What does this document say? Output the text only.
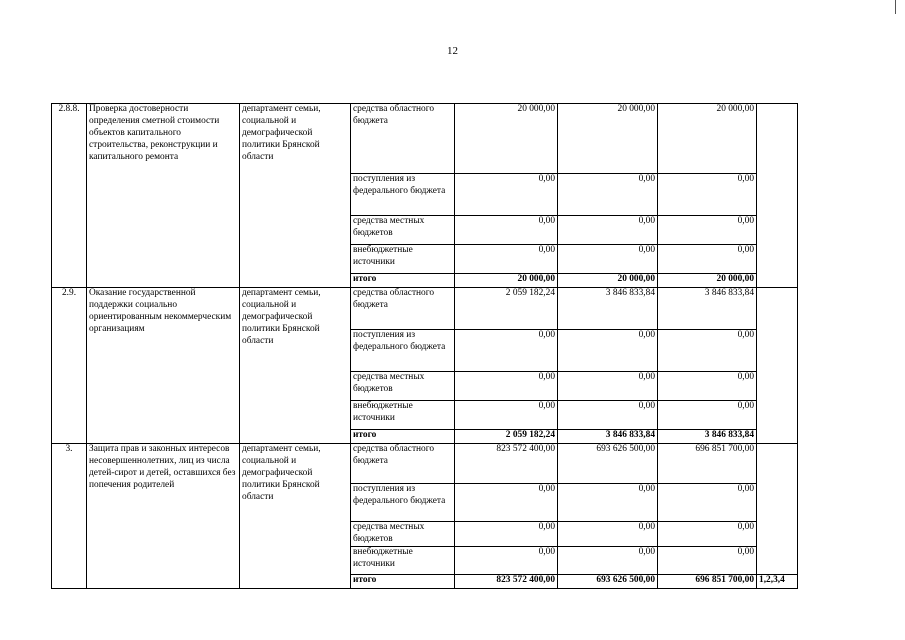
12
2.8.8.	Проверка достоверности определения сметной стоимости объектов капитального строительства, реконструкции и капитального ремонта	департамент семьи, социальной и демографической политики Брянской области	средства областного бюджета	20 000,00	20 000,00	20 000,00	
			поступления из федерального бюджета	0,00	0,00	0,00	
			средства местных бюджетов	0,00	0,00	0,00	
			внебюджетные источники	0,00	0,00	0,00	
			итого	20 000,00	20 000,00	20 000,00	
2.9.	Оказание государственной поддержки социально ориентированным некоммерческим организациям	департамент семьи, социальной и демографической политики Брянской области	средства областного бюджета	2 059 182,24	3 846 833,84	3 846 833,84	
			поступления из федерального бюджета	0,00	0,00	0,00	
			средства местных бюджетов	0,00	0,00	0,00	
			внебюджетные источники	0,00	0,00	0,00	
			итого	2 059 182,24	3 846 833,84	3 846 833,84	
3.	Защита прав и законных интересов несовершеннолетних, лиц из числа детей-сирот и детей, оставшихся без попечения родителей	департамент семьи, социальной и демографической политики Брянской области	средства областного бюджета	823 572 400,00	693 626 500,00	696 851 700,00	
			поступления из федерального бюджета	0,00	0,00	0,00	
			средства местных бюджетов	0,00	0,00	0,00	
			внебюджетные источники	0,00	0,00	0,00	
			итого	823 572 400,00	693 626 500,00	696 851 700,00	1,2,3,4
